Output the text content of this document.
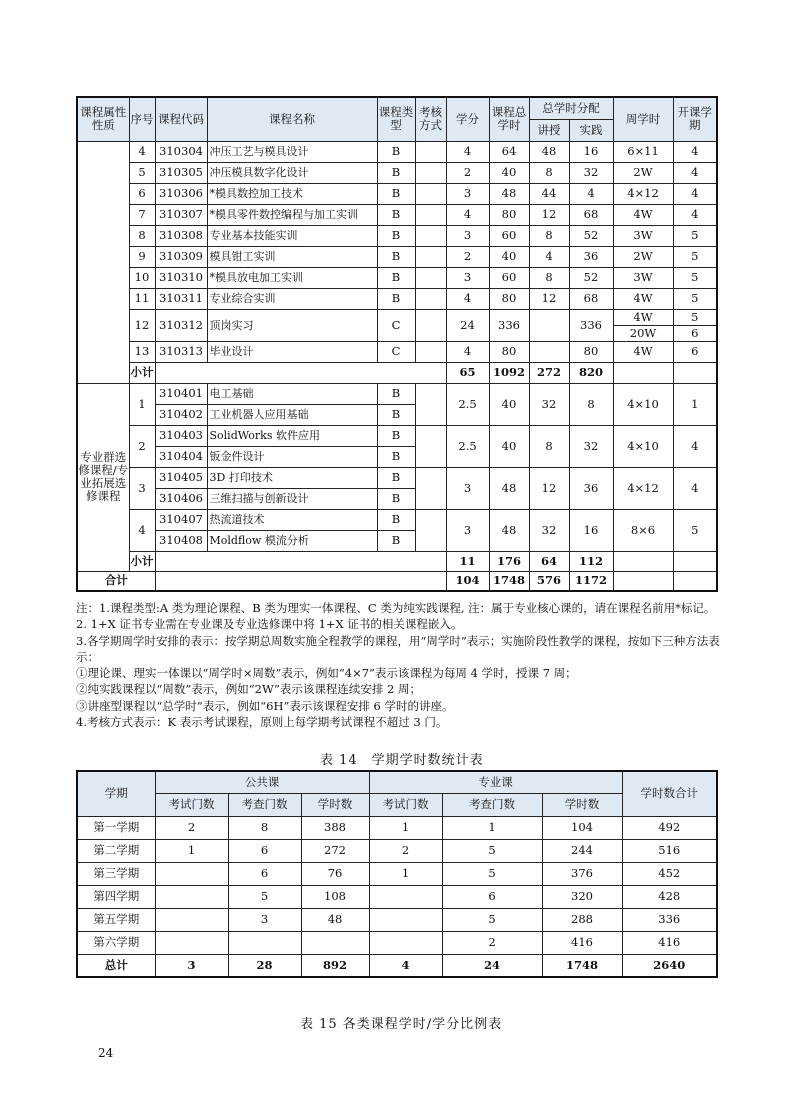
课程属性性质	序号	课程代码	课程名称	课程类型	考核方式	学分	课程总学时	总学时分配		周学时	开课学期
								讲授	实践		
	4	310304	冲压工艺与模具设计	B		4	64	48	16	6×11	4
	5	310305	冲压模具数字化设计	B		2	40	8	32	2W	4
	6	310306	*模具数控加工技术	B		3	48	44	4	4×12	4
	7	310307	*模具零件数控编程与加工实训	B		4	80	12	68	4W	4
	8	310308	专业基本技能实训	B		3	60	8	52	3W	5
	9	310309	模具钳工实训	B		2	40	4	36	2W	5
	10	310310	*模具放电加工实训	B		3	60	8	52	3W	5
	11	310311	专业综合实训	B		4	80	12	68	4W	5
	12	310312	顶岗实习	C		24	336		336	4W	5
										20W	6
	13	310313	毕业设计	C		4	80		80	4W	6
	小计					65	1092	272	820		
专业群选修课程/专业拓展选修课程	1	310401	电工基础	B		2.5	40	32	8	4×10	1
		310402	工业机器人应用基础	B							
	2	310403	SolidWorks 软件应用	B		2.5	40	8	32	4×10	4
		310404	钣金件设计	B							
	3	310405	3D 打印技术	B		3	48	12	36	4×12	4
		310406	三维扫描与创新设计	B							
	4	310407	热流道技术	B		3	48	32	16	8×6	5
		310408	Moldflow 模流分析	B							
	小计					11	176	64	112		
合计						104	1748	576	1172		

注：1.课程类型:A 类为理论课程、B 类为理实一体课程、C 类为纯实践课程, 注：属于专业核心课的，请在课程名前用*标记。

2. 1+X 证书专业需在专业课及专业选修课中将 1+X 证书的相关课程嵌入。

3.各学期周学时安排的表示：按学期总周数实施全程教学的课程，用“周学时”表示；实施阶段性教学的课程，按如下三种方法表示：

①理论课、理实一体课以“周学时×周数”表示，例如“4×7”表示该课程为每周 4 学时，授课 7 周；

②纯实践课程以“周数”表示，例如“2W”表示该课程连续安排 2 周；

③讲座型课程以“总学时”表示，例如“6H”表示该课程安排 6 学时的讲座。

4.考核方式表示：K 表示考试课程，原则上每学期考试课程不超过 3 门。

表 14　学期学时数统计表
学期	公共课			专业课			学时数合计
	考试门数	考查门数	学时数	考试门数	考查门数	学时数	
第一学期	2	8	388	1	1	104	492
第二学期	1	6	272	2	5	244	516
第三学期		6	76	1	5	376	452
第四学期		5	108		6	320	428
第五学期		3	48		5	288	336
第六学期					2	416	416
总计	3	28	892	4	24	1748	2640
表 15 各类课程学时/学分比例表
24
